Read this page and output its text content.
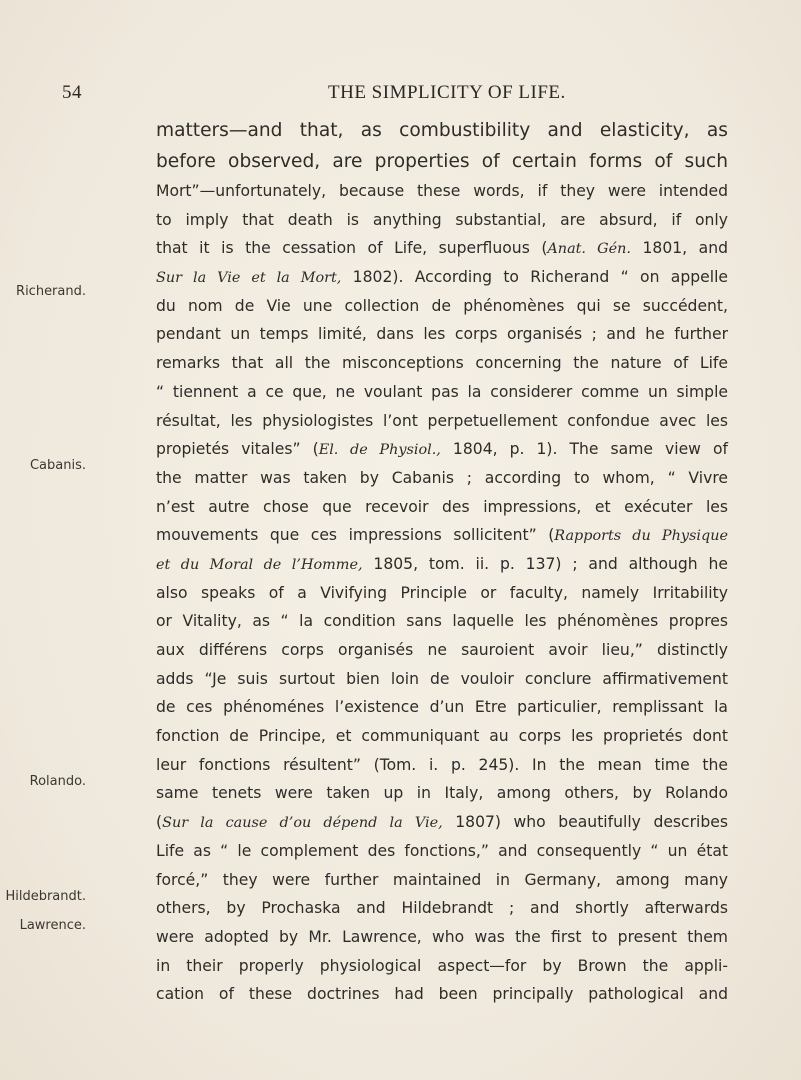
54	THE SIMPLICITY OF LIFE.
Richerand.
Cabanis.
Rolando.
Hildebrandt.
Lawrence.
matters—and that, as combustibility and elasticity, as
before observed, are properties of certain forms of such
Mort”—unfortunately, because these words, if they were intended
to imply that death is anything substantial, are absurd, if only
that it is the cessation of Life, superfluous (Anat. Gén. 1801, and
Sur la Vie et la Mort, 1802). According to Richerand “ on appelle
du nom de Vie une collection de phénomènes qui se succédent,
pendant un temps limité, dans les corps organisés ; and he further
remarks that all the misconceptions concerning the nature of Life
“ tiennent a ce que, ne voulant pas la considerer comme un simple
résultat, les physiologistes l’ont perpetuellement confondue avec les
propietés vitales” (El. de Physiol., 1804, p. 1). The same view of
the matter was taken by Cabanis ; according to whom, “ Vivre
n’est autre chose que recevoir des impressions, et exécuter les
mouvements que ces impressions sollicitent” (Rapports du Physique
et du Moral de l’Homme, 1805, tom. ii. p. 137) ; and although he
also speaks of a Vivifying Principle or faculty, namely Irritability
or Vitality, as “ la condition sans laquelle les phénomènes propres
aux différens corps organisés ne sauroient avoir lieu,” distinctly
adds “Je suis surtout bien loin de vouloir conclure affirmativement
de ces phénoménes l’existence d’un Etre particulier, remplissant la
fonction de Principe, et communiquant au corps les proprietés dont
leur fonctions résultent” (Tom. i. p. 245). In the mean time the
same tenets were taken up in Italy, among others, by Rolando
(Sur la cause d’ou dépend la Vie, 1807) who beautifully describes
Life as “ le complement des fonctions,” and consequently “ un état
forcé,” they were further maintained in Germany, among many
others, by Prochaska and Hildebrandt ; and shortly afterwards
were adopted by Mr. Lawrence, who was the first to present them
in their properly physiological aspect—for by Brown the appli-
cation of these doctrines had been principally pathological and
